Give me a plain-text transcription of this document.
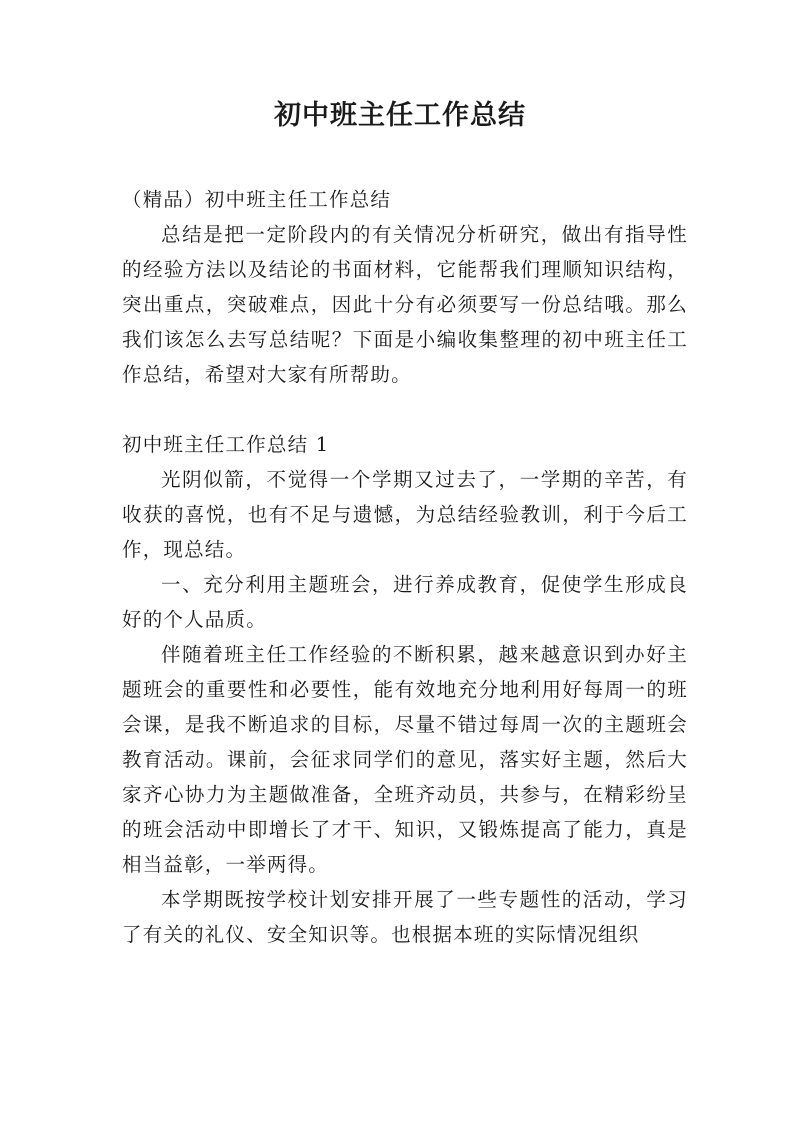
初中班主任工作总结

（精品）初中班主任工作总结

总结是把一定阶段内的有关情况分析研究，做出有指导性的经验方法以及结论的书面材料，它能帮我们理顺知识结构，突出重点，突破难点，因此十分有必须要写一份总结哦。那么我们该怎么去写总结呢？下面是小编收集整理的初中班主任工作总结，希望对大家有所帮助。

初中班主任工作总结 1

光阴似箭，不觉得一个学期又过去了，一学期的辛苦，有收获的喜悦，也有不足与遗憾，为总结经验教训，利于今后工作，现总结。

一、充分利用主题班会，进行养成教育，促使学生形成良好的个人品质。

伴随着班主任工作经验的不断积累，越来越意识到办好主题班会的重要性和必要性，能有效地充分地利用好每周一的班会课，是我不断追求的目标，尽量不错过每周一次的主题班会教育活动。课前，会征求同学们的意见，落实好主题，然后大家齐心协力为主题做准备，全班齐动员，共参与，在精彩纷呈的班会活动中即增长了才干、知识，又锻炼提高了能力，真是相当益彰，一举两得。

本学期既按学校计划安排开展了一些专题性的活动，学习了有关的礼仪、安全知识等。也根据本班的实际情况组织
